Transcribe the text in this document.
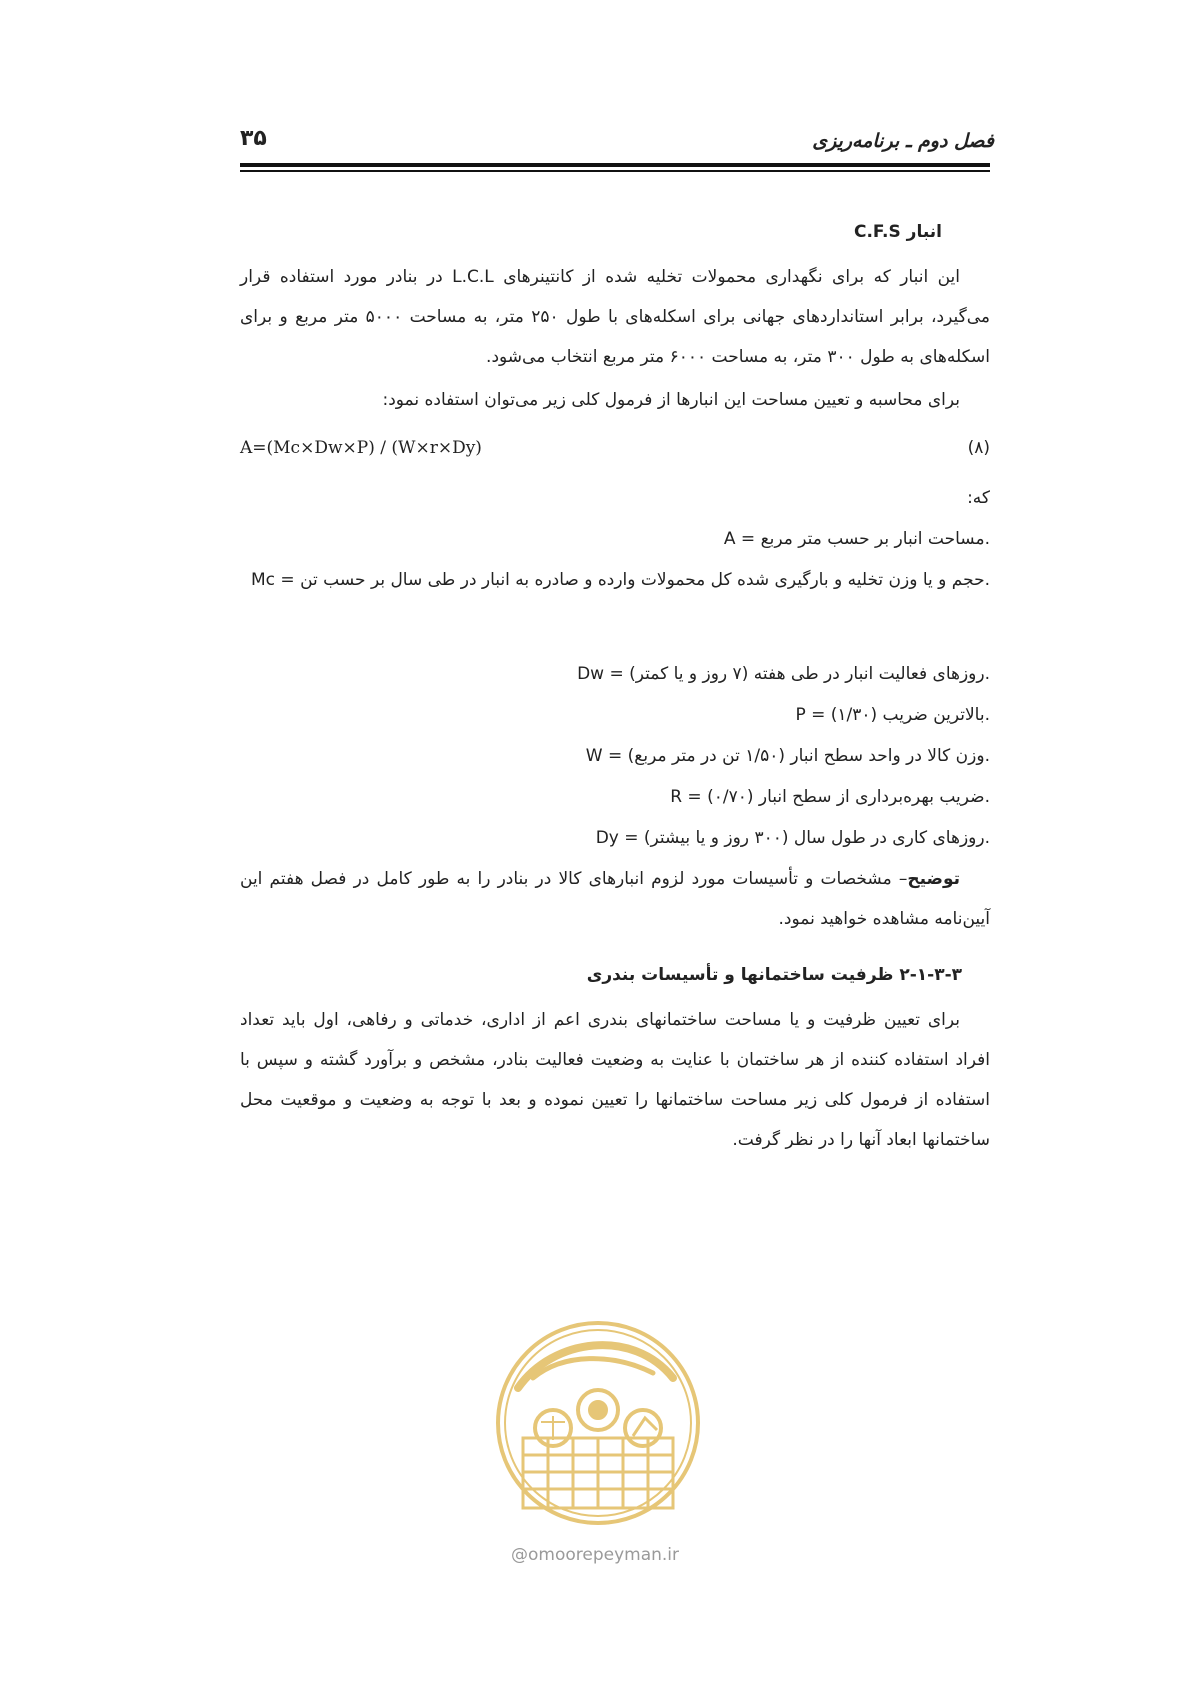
فصل دوم ـ برنامه‌ریزی
۳۵
انبار C.F.S
این انبار که برای نگهداری محمولات تخلیه شده از کانتینرهای L.C.L در بنادر مورد استفاده قرار می‌گیرد، برابر استانداردهای جهانی برای اسکله‌های با طول ۲۵۰ متر، به مساحت ۵۰۰۰ متر مربع و برای اسکله‌های به طول ۳۰۰ متر، به مساحت ۶۰۰۰ متر مربع انتخاب می‌شود.
برای محاسبه و تعیین مساحت این انبارها از فرمول کلی زیر می‌توان استفاده نمود:
A=(Mc×Dw×P) / (W×r×Dy)	(۸)
که:
A = مساحت انبار بر حسب متر مربع.
Mc = حجم و یا وزن تخلیه و بارگیری شده کل محمولات وارده و صادره به انبار در طی سال بر حسب تن.
Dw = روزهای فعالیت انبار در طی هفته (۷ روز و یا کمتر).
P = بالاترین ضریب (۱/۳۰).
W = وزن کالا در واحد سطح انبار (۱/۵۰ تن در متر مربع).
R = ضریب بهره‌برداری از سطح انبار (۰/۷۰).
Dy = روزهای کاری در طول سال (۳۰۰ روز و یا بیشتر).
توضیح– مشخصات و تأسیسات مورد لزوم انبارهای کالا در بنادر را به طور کامل در فصل هفتم این آیین‌نامه مشاهده خواهید نمود.
۲-۱-۳-۳ ظرفیت ساختمانها و تأسیسات بندری
برای تعیین ظرفیت و یا مساحت ساختمانهای بندری اعم از اداری، خدماتی و رفاهی، اول باید تعداد افراد استفاده کننده از هر ساختمان با عنایت به وضعیت فعالیت بنادر، مشخص و برآورد گشته و سپس با استفاده از فرمول کلی زیر مساحت ساختمانها را تعیین نموده و بعد با توجه به وضعیت و موقعیت محل ساختمانها ابعاد آنها را در نظر گرفت.
@omoorepeyman.ir
